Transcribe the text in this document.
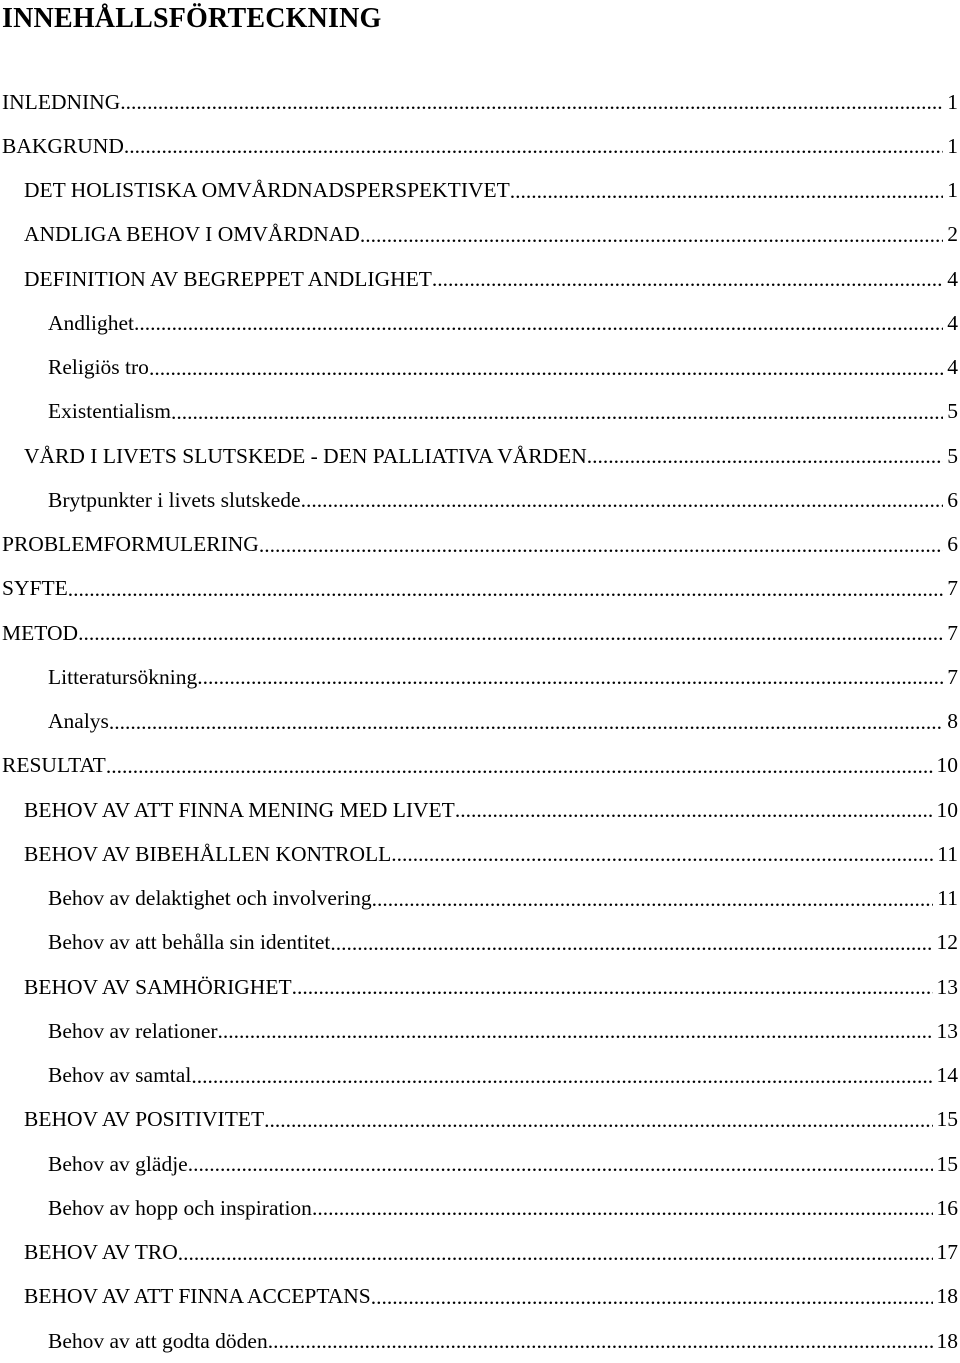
INNEHÅLLSFÖRTECKNING
INLEDNING .....	1
BAKGRUND .....	1
DET HOLISTISKA OMVÅRDNADSPERSPEKTIVET .....	1
ANDLIGA BEHOV I OMVÅRDNAD .....	2
DEFINITION AV BEGREPPET ANDLIGHET .....	4
Andlighet .....	4
Religiös tro .....	4
Existentialism .....	5
VÅRD I LIVETS SLUTSKEDE - DEN PALLIATIVA VÅRDEN .....	5
Brytpunkter i livets slutskede .....	6
PROBLEMFORMULERING .....	6
SYFTE .....	7
METOD .....	7
Litteratursökning .....	7
Analys .....	8
RESULTAT .....	10
BEHOV AV ATT FINNA MENING MED LIVET .....	10
BEHOV AV BIBEHÅLLEN KONTROLL .....	11
Behov av delaktighet och involvering .....	11
Behov av att behålla sin identitet .....	12
BEHOV AV SAMHÖRIGHET .....	13
Behov av relationer .....	13
Behov av samtal .....	14
BEHOV AV POSITIVITET .....	15
Behov av glädje .....	15
Behov av hopp och inspiration .....	16
BEHOV AV TRO .....	17
BEHOV AV ATT FINNA ACCEPTANS .....	18
Behov av att godta döden .....	18
